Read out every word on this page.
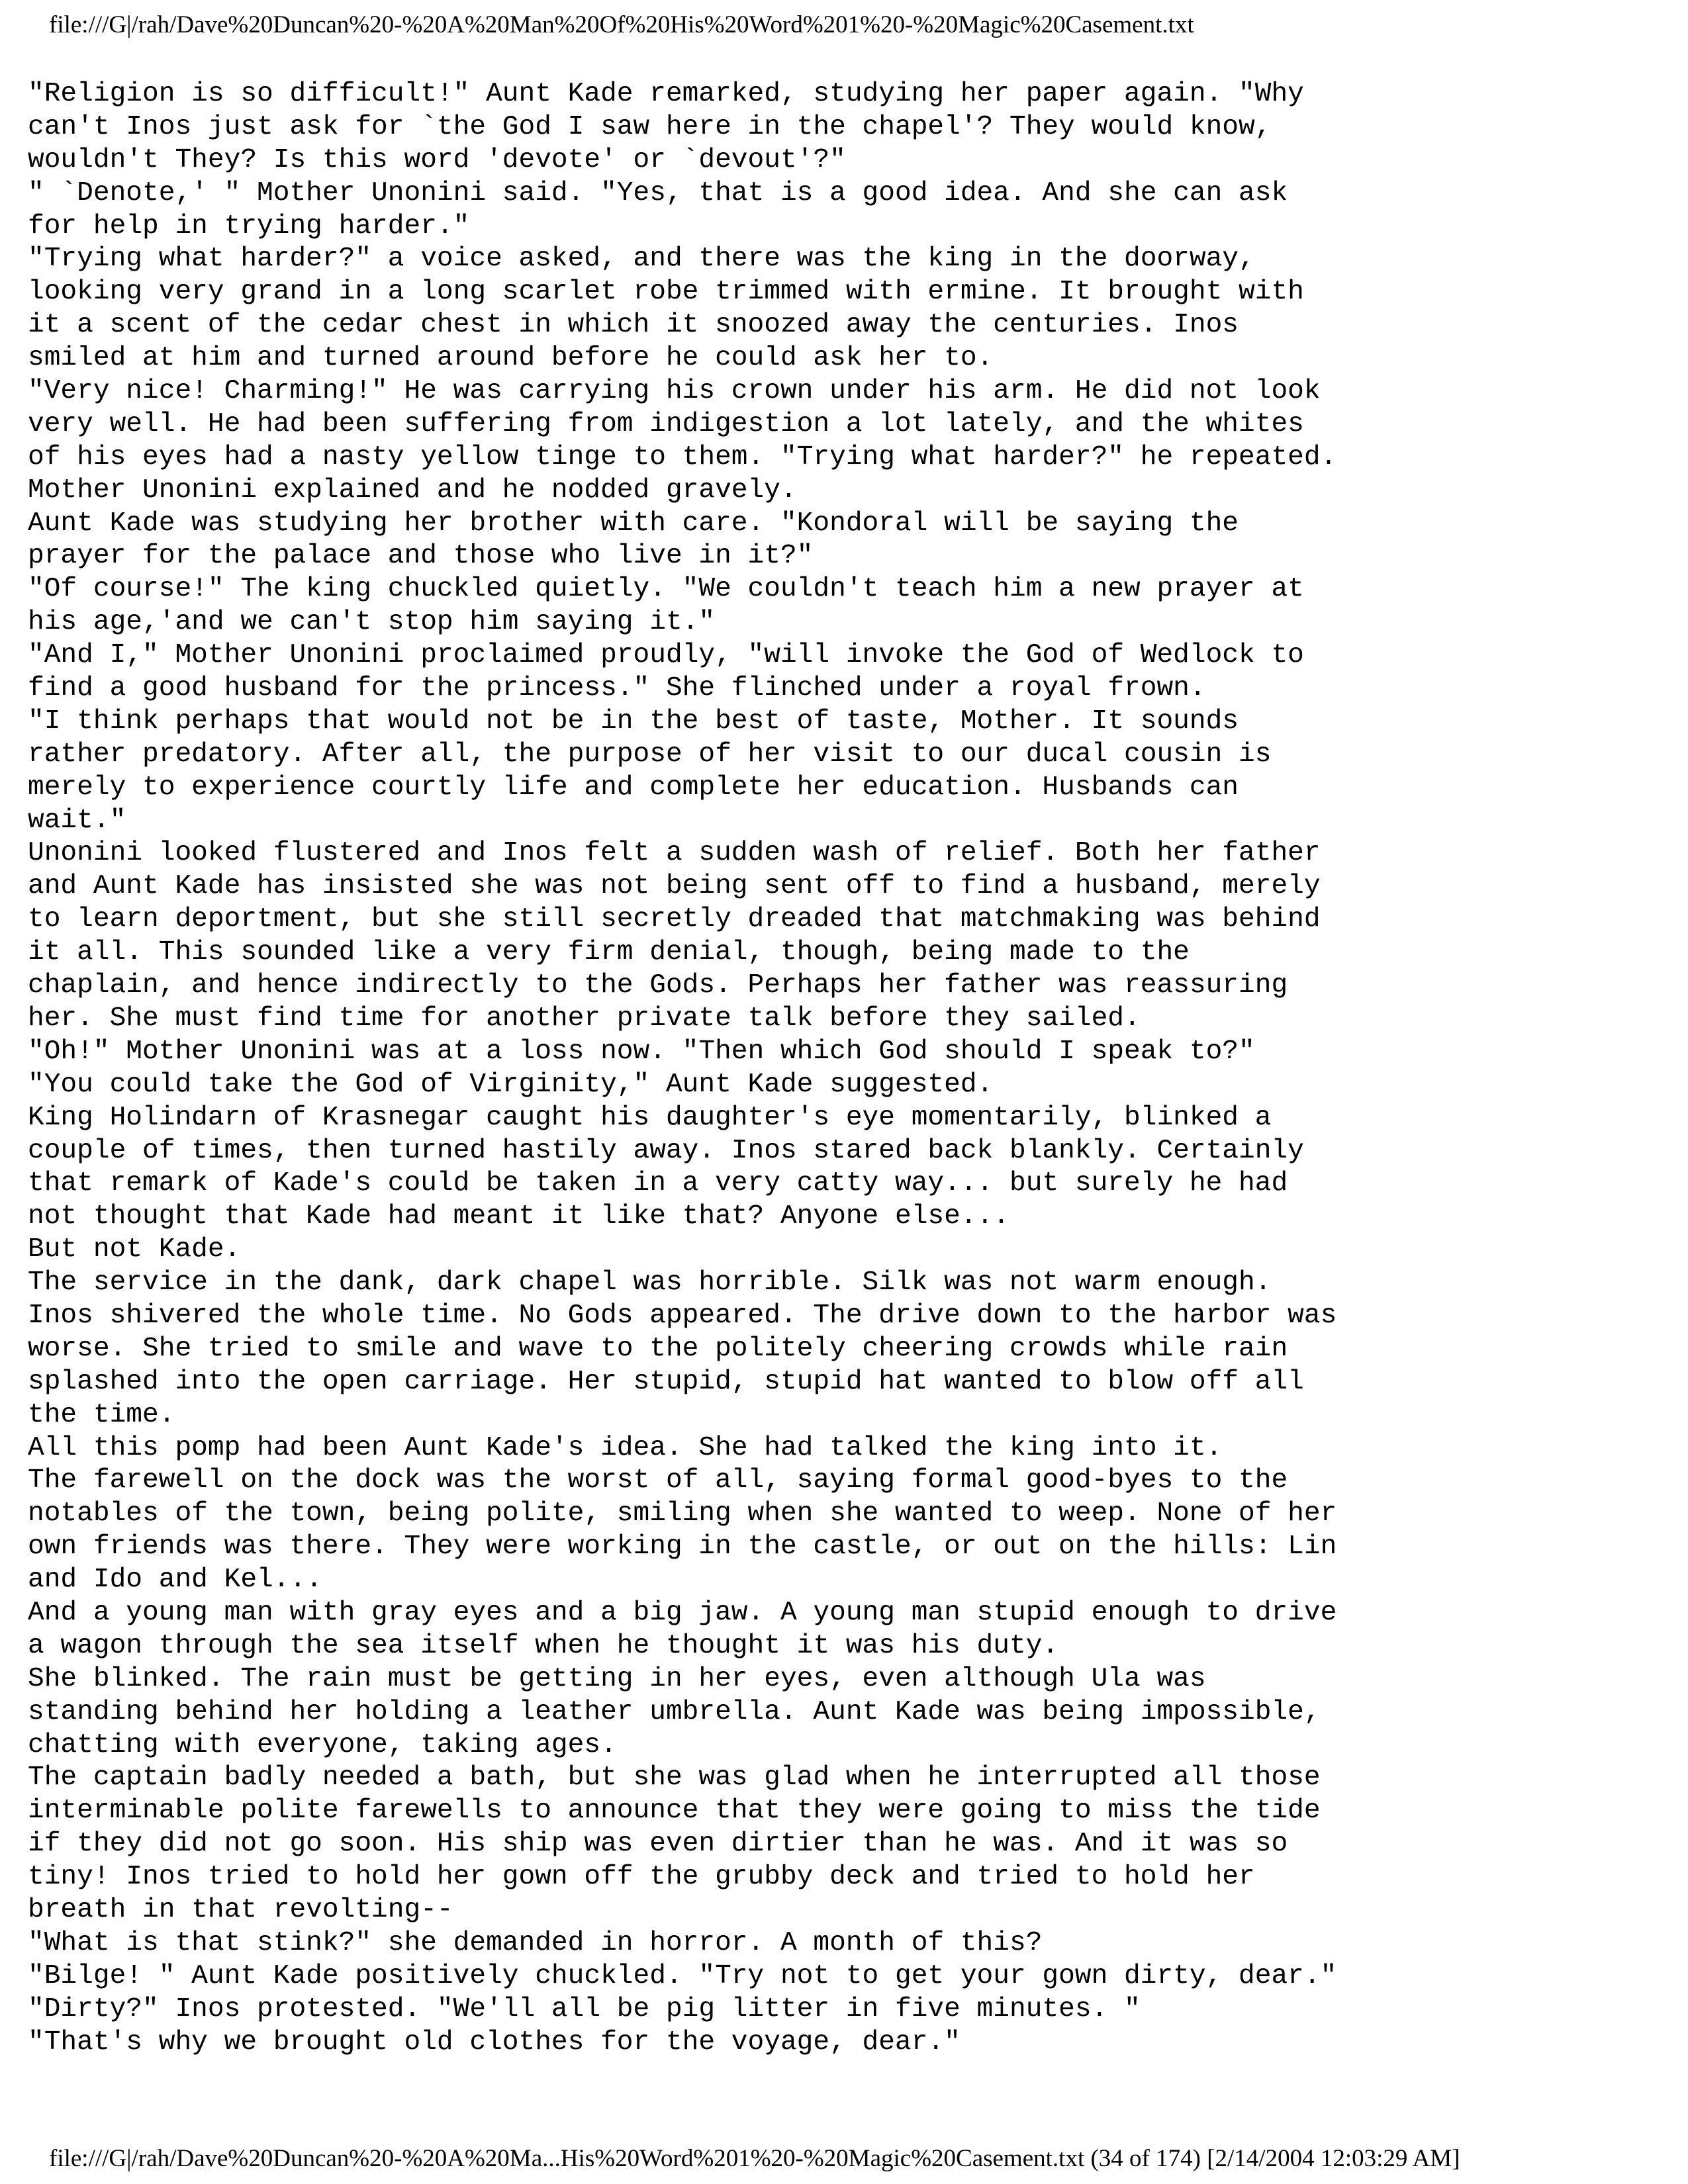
file:///G|/rah/Dave%20Duncan%20-%20A%20Man%20Of%20His%20Word%201%20-%20Magic%20Casement.txt
"Religion is so difficult!" Aunt Kade remarked, studying her paper again. "Why
can't Inos just ask for `the God I saw here in the chapel'? They would know,
wouldn't They? Is this word 'devote' or `devout'?"
" `Denote,' " Mother Unonini said. "Yes, that is a good idea. And she can ask
for help in trying harder."
"Trying what harder?" a voice asked, and there was the king in the doorway,
looking very grand in a long scarlet robe trimmed with ermine. It brought with
it a scent of the cedar chest in which it snoozed away the centuries. Inos
smiled at him and turned around before he could ask her to.
"Very nice! Charming!" He was carrying his crown under his arm. He did not look
very well. He had been suffering from indigestion a lot lately, and the whites
of his eyes had a nasty yellow tinge to them. "Trying what harder?" he repeated.
Mother Unonini explained and he nodded gravely.
Aunt Kade was studying her brother with care. "Kondoral will be saying the
prayer for the palace and those who live in it?"
"Of course!" The king chuckled quietly. "We couldn't teach him a new prayer at
his age,'and we can't stop him saying it."
"And I," Mother Unonini proclaimed proudly, "will invoke the God of Wedlock to
find a good husband for the princess." She flinched under a royal frown.
"I think perhaps that would not be in the best of taste, Mother. It sounds
rather predatory. After all, the purpose of her visit to our ducal cousin is
merely to experience courtly life and complete her education. Husbands can
wait."
Unonini looked flustered and Inos felt a sudden wash of relief. Both her father
and Aunt Kade has insisted she was not being sent off to find a husband, merely
to learn deportment, but she still secretly dreaded that matchmaking was behind
it all. This sounded like a very firm denial, though, being made to the
chaplain, and hence indirectly to the Gods. Perhaps her father was reassuring
her. She must find time for another private talk before they sailed.
"Oh!" Mother Unonini was at a loss now. "Then which God should I speak to?"
"You could take the God of Virginity," Aunt Kade suggested.
King Holindarn of Krasnegar caught his daughter's eye momentarily, blinked a
couple of times, then turned hastily away. Inos stared back blankly. Certainly
that remark of Kade's could be taken in a very catty way... but surely he had
not thought that Kade had meant it like that? Anyone else...
But not Kade.
The service in the dank, dark chapel was horrible. Silk was not warm enough.
Inos shivered the whole time. No Gods appeared. The drive down to the harbor was
worse. She tried to smile and wave to the politely cheering crowds while rain
splashed into the open carriage. Her stupid, stupid hat wanted to blow off all
the time.
All this pomp had been Aunt Kade's idea. She had talked the king into it.
The farewell on the dock was the worst of all, saying formal good-byes to the
notables of the town, being polite, smiling when she wanted to weep. None of her
own friends was there. They were working in the castle, or out on the hills: Lin
and Ido and Kel...
And a young man with gray eyes and a big jaw. A young man stupid enough to drive
a wagon through the sea itself when he thought it was his duty.
She blinked. The rain must be getting in her eyes, even although Ula was
standing behind her holding a leather umbrella. Aunt Kade was being impossible,
chatting with everyone, taking ages.
The captain badly needed a bath, but she was glad when he interrupted all those
interminable polite farewells to announce that they were going to miss the tide
if they did not go soon. His ship was even dirtier than he was. And it was so
tiny! Inos tried to hold her gown off the grubby deck and tried to hold her
breath in that revolting--
"What is that stink?" she demanded in horror. A month of this?
"Bilge! " Aunt Kade positively chuckled. "Try not to get your gown dirty, dear."
"Dirty?" Inos protested. "We'll all be pig litter in five minutes. "
"That's why we brought old clothes for the voyage, dear."
file:///G|/rah/Dave%20Duncan%20-%20A%20Ma...His%20Word%201%20-%20Magic%20Casement.txt (34 of 174) [2/14/2004 12:03:29 AM]
